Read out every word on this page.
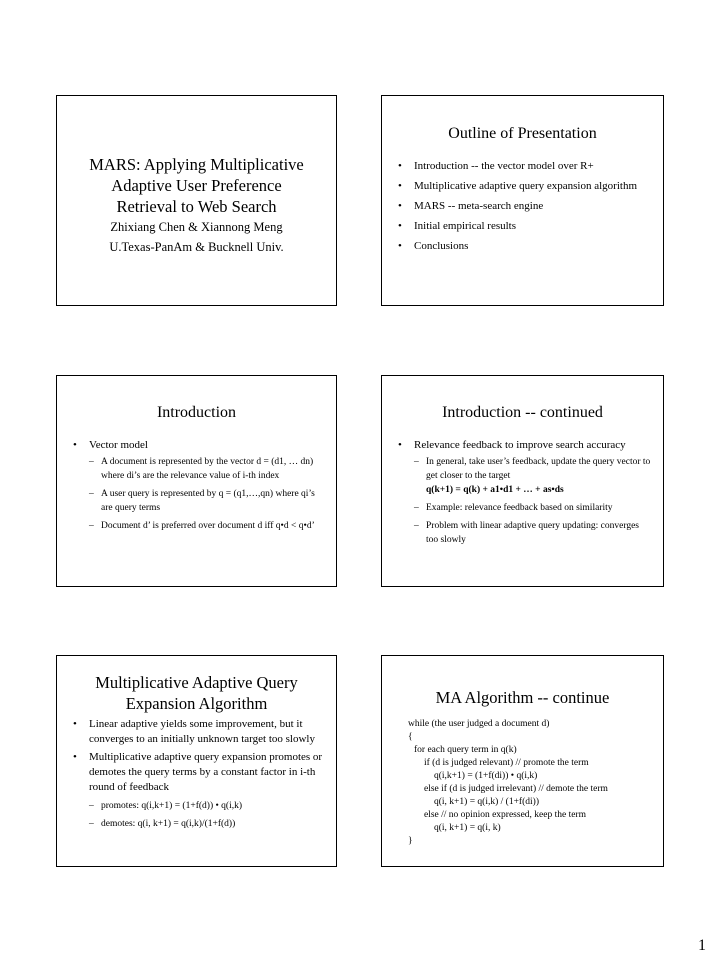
MARS: Applying Multiplicative
Adaptive User Preference
Retrieval to Web Search
Zhixiang Chen & Xiannong Meng
U.Texas-PanAm & Bucknell Univ.
Outline of Presentation
• Introduction -- the vector model over R+
• Multiplicative adaptive query expansion algorithm
• MARS -- meta-search engine
• Initial empirical results
• Conclusions
Introduction
• Vector model
– A document is represented by the vector d = (d1, … dn) where di’s are the relevance value of i-th index
– A user query is represented by q = (q1,…,qn) where qi’s are query terms
– Document d’ is preferred over document d iff q•d < q•d’
Introduction -- continued
• Relevance feedback to improve search accuracy
– In general, take user’s feedback, update the query vector to get closer to the target
q(k+1) = q(k) + a1•d1 + … + as•ds
– Example: relevance feedback based on similarity
– Problem with linear adaptive query updating: converges too slowly
Multiplicative Adaptive Query
Expansion Algorithm
• Linear adaptive yields some improvement, but it converges to an initially unknown target too slowly
• Multiplicative adaptive query expansion promotes or demotes the query terms by a constant factor in i-th round of feedback
– promotes: q(i,k+1) = (1+f(d)) • q(i,k)
– demotes: q(i, k+1) = q(i,k)/(1+f(d))
MA Algorithm -- continue
while (the user judged a document d)
{
for each query term in q(k)
if (d is judged relevant) // promote the term
q(i,k+1) = (1+f(di)) • q(i,k)
else if (d is judged irrelevant) // demote the term
q(i, k+1) = q(i,k) / (1+f(di))
else // no opinion expressed, keep the term
q(i, k+1) = q(i, k)
}
1
